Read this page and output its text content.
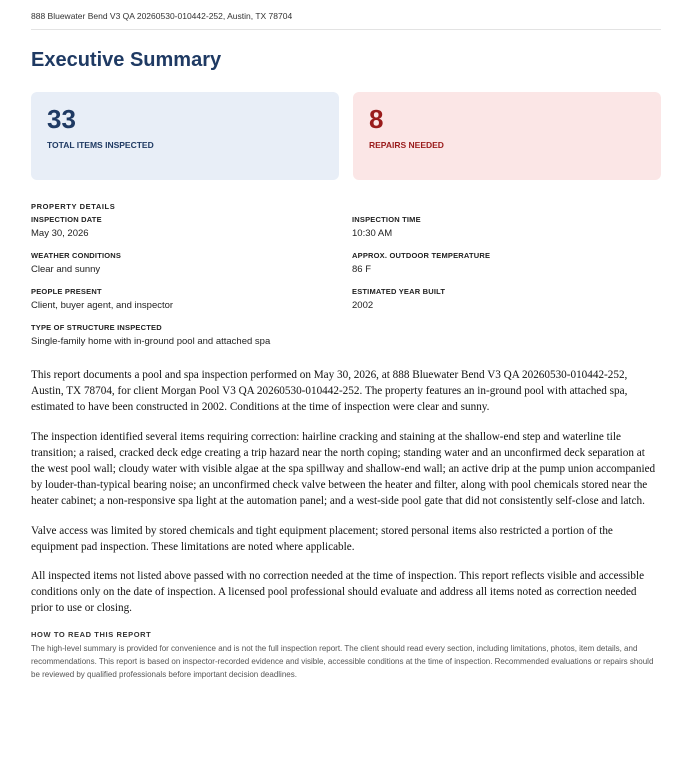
888 Bluewater Bend V3 QA 20260530-010442-252, Austin, TX 78704
Executive Summary
33
TOTAL ITEMS INSPECTED
8
REPAIRS NEEDED
PROPERTY DETAILS
INSPECTION DATE
May 30, 2026
INSPECTION TIME
10:30 AM
WEATHER CONDITIONS
Clear and sunny
APPROX. OUTDOOR TEMPERATURE
86 F
PEOPLE PRESENT
Client, buyer agent, and inspector
ESTIMATED YEAR BUILT
2002
TYPE OF STRUCTURE INSPECTED
Single-family home with in-ground pool and attached spa

This report documents a pool and spa inspection performed on May 30, 2026, at 888 Bluewater Bend V3 QA 20260530-010442-252, Austin, TX 78704, for client Morgan Pool V3 QA 20260530-010442-252. The property features an in-ground pool with attached spa, estimated to have been constructed in 2002. Conditions at the time of inspection were clear and sunny.

The inspection identified several items requiring correction: hairline cracking and staining at the shallow-end step and waterline tile transition; a raised, cracked deck edge creating a trip hazard near the north coping; standing water and an unconfirmed deck separation at the west pool wall; cloudy water with visible algae at the spa spillway and shallow-end wall; an active drip at the pump union accompanied by louder-than-typical bearing noise; an unconfirmed check valve between the heater and filter, along with pool chemicals stored near the heater cabinet; a non-responsive spa light at the automation panel; and a west-side pool gate that did not consistently self-close and latch.

Valve access was limited by stored chemicals and tight equipment placement; stored personal items also restricted a portion of the equipment pad inspection. These limitations are noted where applicable.

All inspected items not listed above passed with no correction needed at the time of inspection. This report reflects visible and accessible conditions only on the date of inspection. A licensed pool professional should evaluate and address all items noted as correction needed prior to use or closing.

HOW TO READ THIS REPORT
The high-level summary is provided for convenience and is not the full inspection report. The client should read every section, including limitations, photos, item details, and recommendations. This report is based on inspector-recorded evidence and visible, accessible conditions at the time of inspection. Recommended evaluations or repairs should be reviewed by qualified professionals before important decision deadlines.
